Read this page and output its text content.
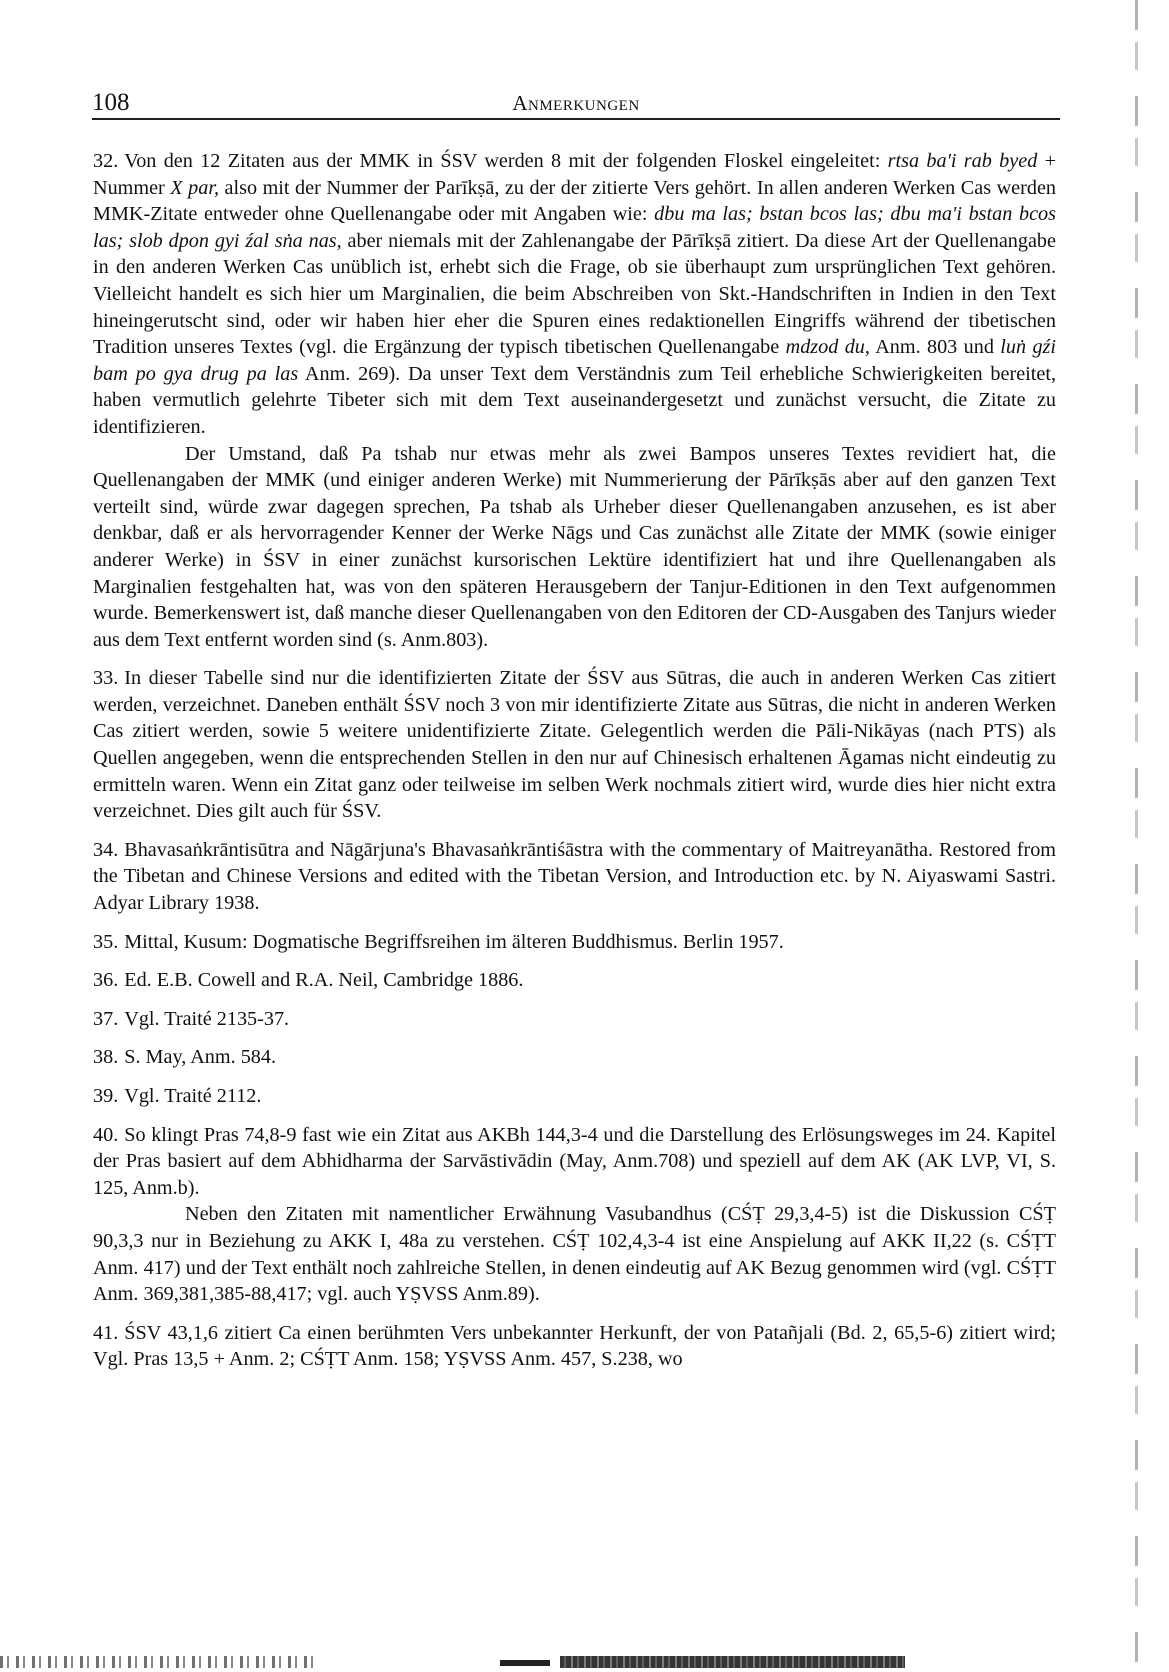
108	Anmerkungen

32. Von den 12 Zitaten aus der MMK in ŚSV werden 8 mit der folgenden Floskel eingeleitet: rtsa ba'i rab byed + Nummer X par, also mit der Nummer der Parīkṣā, zu der der zitierte Vers gehört. In allen anderen Werken Cas werden MMK-Zitate entweder ohne Quellenangabe oder mit Angaben wie: dbu ma las; bstan bcos las; dbu ma'i bstan bcos las; slob dpon gyi źal sṅa nas, aber niemals mit der Zahlenangabe der Pārīkṣā zitiert. Da diese Art der Quellenangabe in den anderen Werken Cas unüblich ist, erhebt sich die Frage, ob sie überhaupt zum ursprünglichen Text gehören. Vielleicht handelt es sich hier um Marginalien, die beim Abschreiben von Skt.-Handschriften in Indien in den Text hineingerutscht sind, oder wir haben hier eher die Spuren eines redaktionellen Eingriffs während der tibetischen Tradition unseres Textes (vgl. die Ergänzung der typisch tibetischen Quellenangabe mdzod du, Anm. 803 und luṅ gźi bam po gya drug pa las Anm. 269). Da unser Text dem Verständnis zum Teil erhebliche Schwierigkeiten bereitet, haben vermutlich gelehrte Tibeter sich mit dem Text auseinandergesetzt und zunächst versucht, die Zitate zu identifizieren.

Der Umstand, daß Pa tshab nur etwas mehr als zwei Bampos unseres Textes revidiert hat, die Quellenangaben der MMK (und einiger anderen Werke) mit Nummerierung der Pārīkṣās aber auf den ganzen Text verteilt sind, würde zwar dagegen sprechen, Pa tshab als Urheber dieser Quellenangaben anzusehen, es ist aber denkbar, daß er als hervorragender Kenner der Werke Nāgs und Cas zunächst alle Zitate der MMK (sowie einiger anderer Werke) in ŚSV in einer zunächst kursorischen Lektüre identifiziert hat und ihre Quellenangaben als Marginalien festgehalten hat, was von den späteren Herausgebern der Tanjur-Editionen in den Text aufgenommen wurde. Bemerkenswert ist, daß manche dieser Quellenangaben von den Editoren der CD-Ausgaben des Tanjurs wieder aus dem Text entfernt worden sind (s. Anm.803).

33. In dieser Tabelle sind nur die identifizierten Zitate der ŚSV aus Sūtras, die auch in anderen Werken Cas zitiert werden, verzeichnet. Daneben enthält ŚSV noch 3 von mir identifizierte Zitate aus Sūtras, die nicht in anderen Werken Cas zitiert werden, sowie 5 weitere unidentifizierte Zitate. Gelegentlich werden die Pāli-Nikāyas (nach PTS) als Quellen angegeben, wenn die entsprechenden Stellen in den nur auf Chinesisch erhaltenen Āgamas nicht eindeutig zu ermitteln waren. Wenn ein Zitat ganz oder teilweise im selben Werk nochmals zitiert wird, wurde dies hier nicht extra verzeichnet. Dies gilt auch für ŚSV.

34. Bhavasaṅkrāntisūtra and Nāgārjuna's Bhavasaṅkrāntiśāstra with the commentary of Maitreyanātha. Restored from the Tibetan and Chinese Versions and edited with the Tibetan Version, and Introduction etc. by N. Aiyaswami Sastri. Adyar Library 1938.

35. Mittal, Kusum: Dogmatische Begriffsreihen im älteren Buddhismus. Berlin 1957.

36. Ed. E.B. Cowell and R.A. Neil, Cambridge 1886.

37. Vgl. Traité 2135-37.

38. S. May, Anm. 584.

39. Vgl. Traité 2112.

40. So klingt Pras 74,8-9 fast wie ein Zitat aus AKBh 144,3-4 und die Darstellung des Erlösungsweges im 24. Kapitel der Pras basiert auf dem Abhidharma der Sarvāstivādin (May, Anm.708) und speziell auf dem AK (AK LVP, VI, S. 125, Anm.b).

Neben den Zitaten mit namentlicher Erwähnung Vasubandhus (CŚṬ 29,3,4-5) ist die Diskussion CŚṬ 90,3,3 nur in Beziehung zu AKK I, 48a zu verstehen. CŚṬ 102,4,3-4 ist eine Anspielung auf AKK II,22 (s. CŚṬT Anm. 417) und der Text enthält noch zahlreiche Stellen, in denen eindeutig auf AK Bezug genommen wird (vgl. CŚṬT Anm. 369,381,385-88,417; vgl. auch YṢVSS Anm.89).

41. ŚSV 43,1,6 zitiert Ca einen berühmten Vers unbekannter Herkunft, der von Patañjali (Bd. 2, 65,5-6) zitiert wird; Vgl. Pras 13,5 + Anm. 2; CŚṬT Anm. 158; YṢVSS Anm. 457, S.238, wo
